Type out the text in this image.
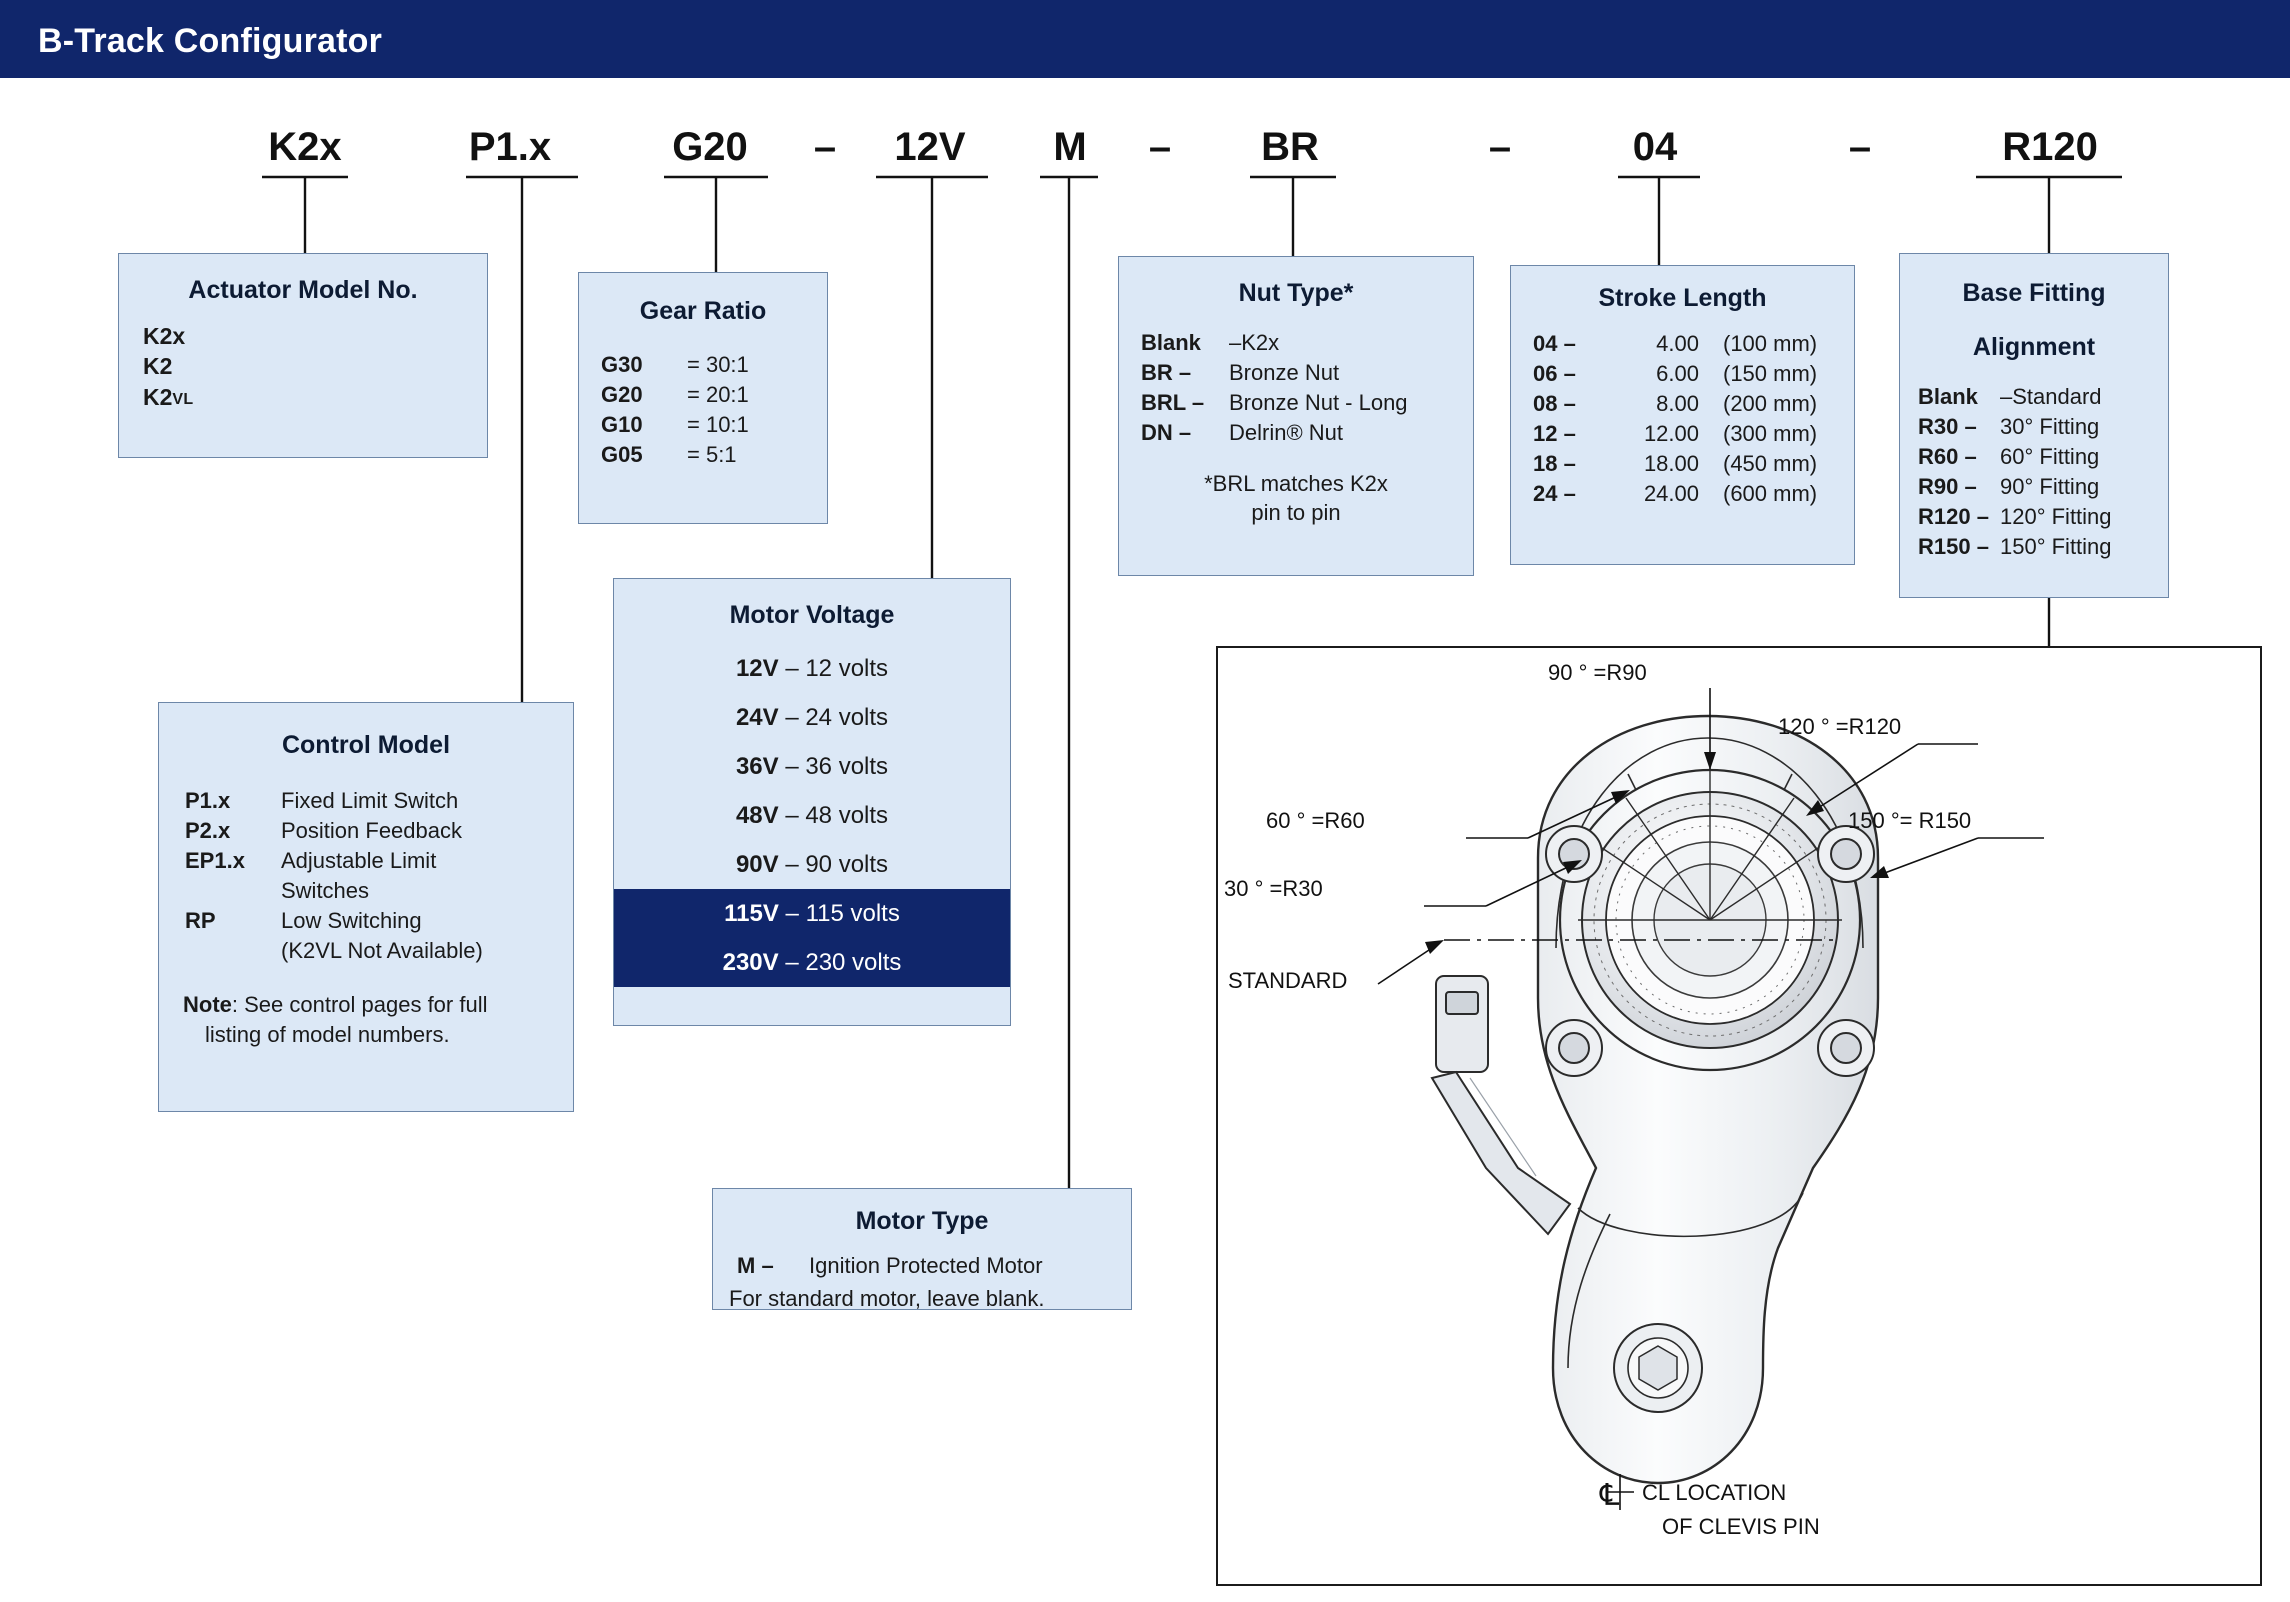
B-Track Configurator
K2x	P1.x	G20	–	12V	M	–	BR	–	04	–	R120
Actuator Model No.
K2x
K2
K2VL
Gear Ratio
G30	= 30:1
G20	= 20:1
G10	= 10:1
G05	= 5:1
Control Model
P1.x	Fixed Limit Switch
P2.x	Position Feedback
EP1.x	Adjustable Limit
	Switches
RP	Low Switching
	(K2VL Not Available)
Note: See control pages for full
listing of model numbers.
Motor Voltage
12V – 12 volts
24V – 24 volts
36V – 36 volts
48V – 48 volts
90V – 90 volts
115V – 115 volts
230V – 230 volts
Motor Type
M –	Ignition Protected Motor
For standard motor, leave blank.
Nut Type*
Blank	–K2x
BR –	Bronze Nut
BRL –	Bronze Nut - Long
DN –	Delrin® Nut
*BRL matches K2x
pin to pin
Stroke Length
04 –	4.00	(100 mm)
06 –	6.00	(150 mm)
08 –	8.00	(200 mm)
12 –	12.00	(300 mm)
18 –	18.00	(450 mm)
24 –	24.00	(600 mm)
Base Fitting
Alignment
Blank	–Standard
R30 –	30° Fitting
R60 –	60° Fitting
R90 –	90° Fitting
R120 –	120° Fitting
R150 –	150° Fitting
90 ° =R90
120 ° =R120
150 °= R150
60 ° =R60
30 ° =R30
STANDARD
℄ CL LOCATION
OF CLEVIS PIN
